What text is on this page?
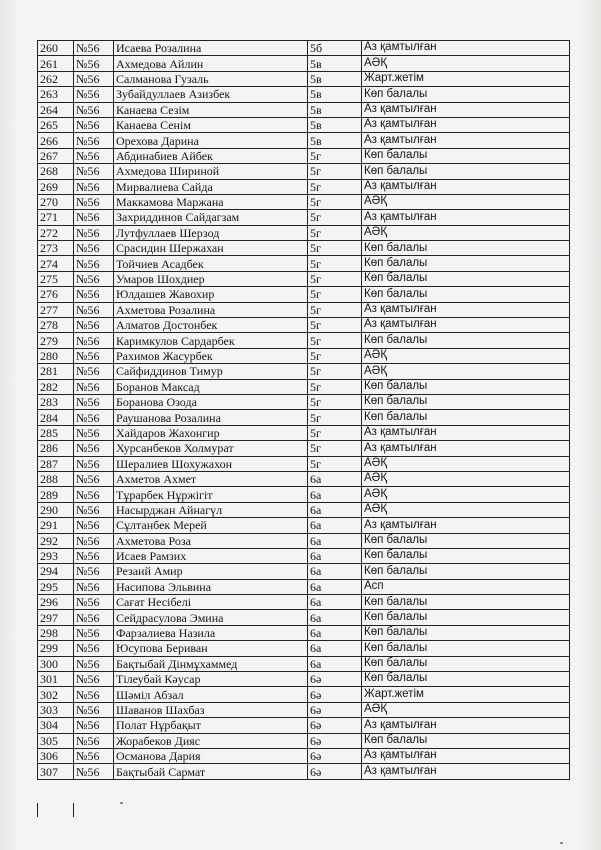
260	№56	Исаева Розалина	5б	Аз қамтылған
261	№56	Ахмедова Айлин	5в	АӘҚ
262	№56	Салманова Гузаль	5в	Жарт.жетім
263	№56	Зубайдуллаев Азизбек	5в	Көп балалы
264	№56	Канаева Сезім	5в	Аз қамтылған
265	№56	Канаева Сенім	5в	Аз қамтылған
266	№56	Орехова Дарина	5в	Аз қамтылған
267	№56	Абдинабиев Айбек	5г	Көп балалы
268	№56	Ахмедова Шириной	5г	Көп балалы
269	№56	Мирвалиева Сайда	5г	Аз қамтылған
270	№56	Маккамова Маржана	5г	АӘҚ
271	№56	Захриддинов Сайдагзам	5г	Аз қамтылған
272	№56	Лутфуллаев Шерзод	5г	АӘҚ
273	№56	Срасидин Шержахан	5г	Көп балалы
274	№56	Тойчиев Асадбек	5г	Көп балалы
275	№56	Умаров Шохдиер	5г	Көп балалы
276	№56	Юлдашев Жавохир	5г	Көп балалы
277	№56	Ахметова Розалина	5г	Аз қамтылған
278	№56	Алматов Достонбек	5г	Аз қамтылған
279	№56	Каримкулов Сардарбек	5г	Көп балалы
280	№56	Рахимов Жасурбек	5г	АӘҚ
281	№56	Сайфиддинов Тимур	5г	АӘҚ
282	№56	Боранов Максад	5г	Көп балалы
283	№56	Боранова Озода	5г	Көп балалы
284	№56	Раушанова Розалина	5г	Көп балалы
285	№56	Хайдаров Жахонгир	5г	Аз қамтылған
286	№56	Хурсанбеков Холмурат	5г	Аз қамтылған
287	№56	Шералиев Шохужахон	5г	АӘҚ
288	№56	Ахметов Ахмет	6а	АӘҚ
289	№56	Тұрарбек Нұржігіт	6а	АӘҚ
290	№56	Насырджан Айнагүл	6а	АӘҚ
291	№56	Сұлтанбек Мерей	6а	Аз қамтылған
292	№56	Ахметова Роза	6а	Көп балалы
293	№56	Исаев Рамзих	6а	Көп балалы
294	№56	Резаий Амир	6а	Көп балалы
295	№56	Насипова Эльвина	6а	Асп
296	№56	Сағат Несібелі	6а	Көп балалы
297	№56	Сейдрасулова Эмина	6а	Көп балалы
298	№56	Фарзалиева Назила	6а	Көп балалы
299	№56	Юсупова Бериван	6а	Көп балалы
300	№56	Бақтыбай Дінмұхаммед	6а	Көп балалы
301	№56	Тілеубай Кәусар	6ә	Көп балалы
302	№56	Шәміл Абзал	6ә	Жарт.жетім
303	№56	Шаванов Шахбаз	6ә	АӘҚ
304	№56	Полат Нұрбақыт	6ә	Аз қамтылған
305	№56	Жорабеков Дияс	6ә	Көп балалы
306	№56	Османова Дария	6ә	Аз қамтылған
307	№56	Бақтыбай Сармат	6ә	Аз қамтылған
